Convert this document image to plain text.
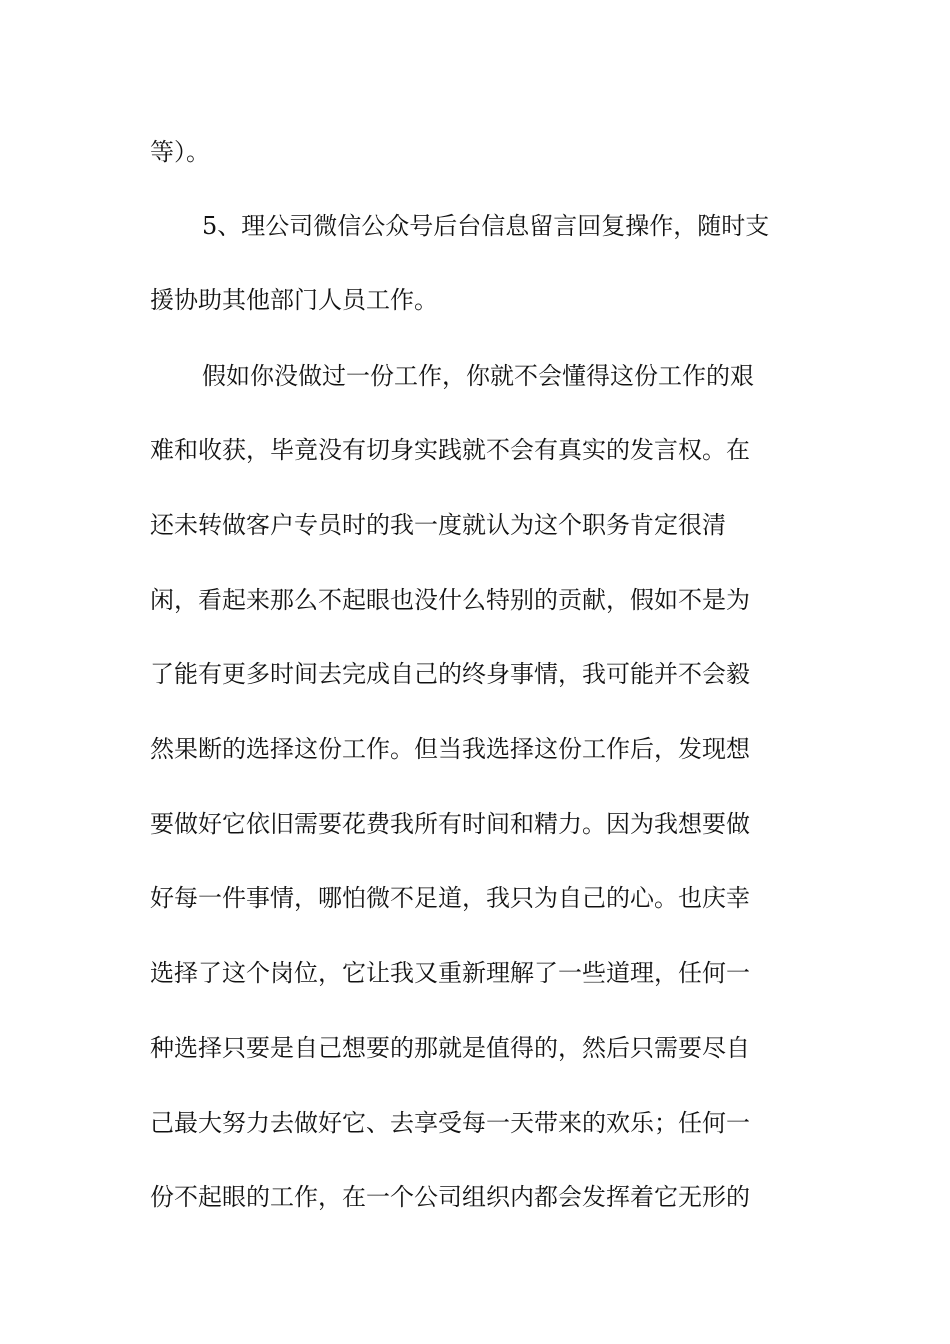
等）。
5、理公司微信公众号后台信息留言回复操作，随时支
援协助其他部门人员工作。
假如你没做过一份工作，你就不会懂得这份工作的艰
难和收获，毕竟没有切身实践就不会有真实的发言权。在
还未转做客户专员时的我一度就认为这个职务肯定很清
闲，看起来那么不起眼也没什么特别的贡献，假如不是为
了能有更多时间去完成自己的终身事情，我可能并不会毅
然果断的选择这份工作。但当我选择这份工作后，发现想
要做好它依旧需要花费我所有时间和精力。因为我想要做
好每一件事情，哪怕微不足道，我只为自己的心。也庆幸
选择了这个岗位，它让我又重新理解了一些道理，任何一
种选择只要是自己想要的那就是值得的，然后只需要尽自
己最大努力去做好它、去享受每一天带来的欢乐；任何一
份不起眼的工作，在一个公司组织内都会发挥着它无形的
